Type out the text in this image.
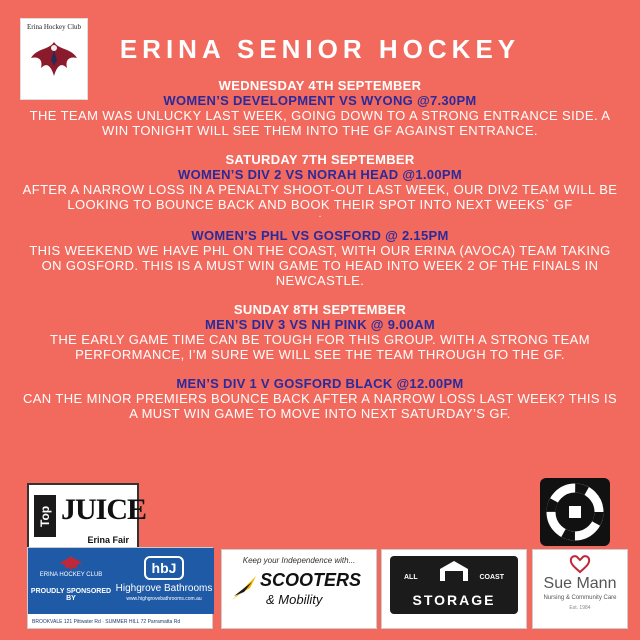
Erina Hockey Club
ERINA SENIOR HOCKEY
WEDNESDAY 4TH SEPTEMBER
WOMEN’S DEVELOPMENT VS WYONG @7.30PM
THE TEAM WAS UNLUCKY LAST WEEK, GOING DOWN TO A STRONG ENTRANCE SIDE. A WIN TONIGHT WILL SEE THEM INTO THE GF AGAINST ENTRANCE.
SATURDAY 7TH SEPTEMBER
WOMEN’S DIV 2 VS NORAH HEAD @1.00PM
AFTER A NARROW LOSS IN A PENALTY SHOOT-OUT LAST WEEK, OUR DIV2 TEAM WILL BE LOOKING TO BOUNCE BACK AND BOOK THEIR SPOT INTO NEXT WEEKS` GF
.
WOMEN’S PHL VS GOSFORD @ 2.15PM
THIS WEEKEND WE HAVE PHL ON THE COAST, WITH OUR ERINA (AVOCA) TEAM TAKING ON GOSFORD. THIS IS A MUST WIN GAME TO HEAD INTO WEEK 2 OF THE FINALS IN NEWCASTLE.
SUNDAY 8TH SEPTEMBER
MEN’S DIV 3 VS NH PINK @ 9.00AM
THE EARLY GAME TIME CAN BE TOUGH FOR THIS GROUP. WITH A STRONG TEAM PERFORMANCE, I’M SURE WE WILL SEE THE TEAM THROUGH TO THE GF.
MEN’S DIV 1 V GOSFORD BLACK @12.00PM
CAN THE MINOR PREMIERS BOUNCE BACK AFTER A NARROW LOSS LAST WEEK? THIS IS A MUST WIN GAME TO MOVE INTO NEXT SATURDAY’S GF.
Top JUICE
Erina Fair
ERINA HOCKEY CLUB
PROUDLY SPONSORED BY
hbJ
Highgrove Bathrooms
www.highgrovebathrooms.com.au
BROOKVALE 121 Pittwater Rd · SUMMER HILL 72 Parramatta Rd
Keep your Independence with...
SCOOTERS
& Mobility
ALL	COAST
STORAGE
Sue Mann
Nursing & Community Care
Est. 1984
